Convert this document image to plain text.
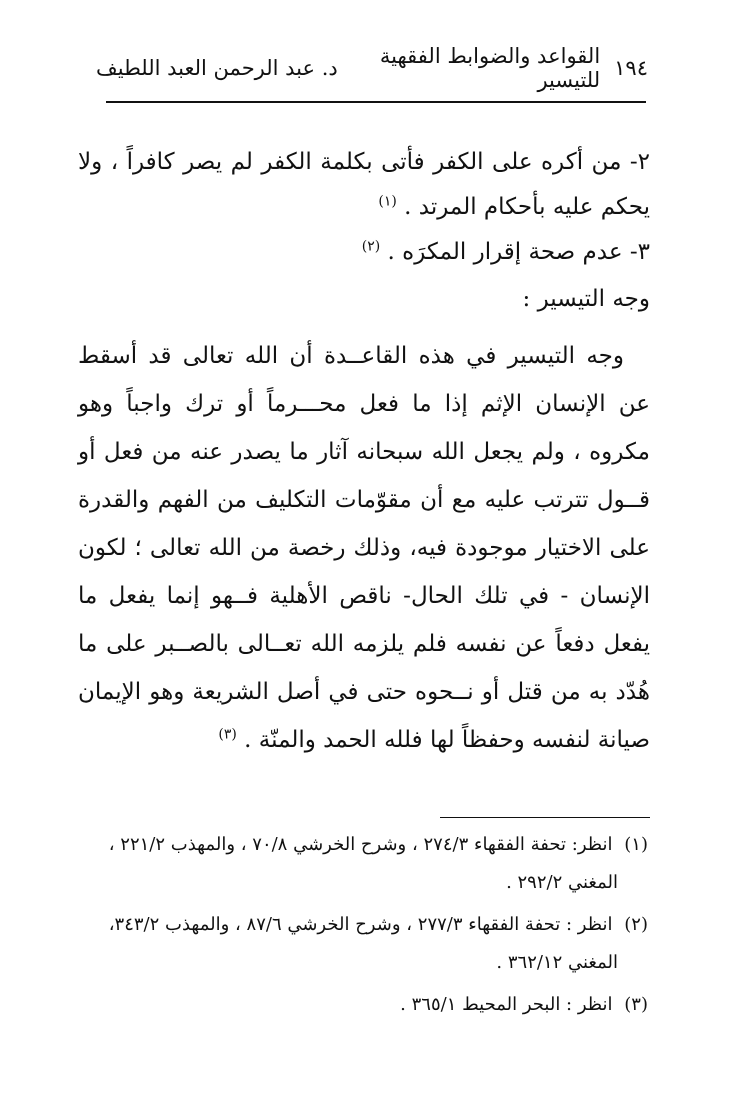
١٩٤
القواعد والضوابط الفقهية للتيسير
د. عبد الرحمن العبد اللطيف

٢- من أكره على الكفر فأتى بكلمة الكفر لم يصر كافراً ، ولا يحكم عليه بأحكام المرتد . $^{(١)}$

٣- عدم صحة إقرار المكرَه . $^{(٢)}$

وجه التيسير :

وجه التيسير في هذه القاعــدة أن الله تعالى قد أسقط عن الإنسان الإثم إذا ما فعل محـــرماً أو ترك واجباً وهو مكروه ، ولم يجعل الله سبحانه آثار ما يصدر عنه من فعل أو قــول تترتب عليه مع أن مقوّمات التكليف من الفهم والقدرة على الاختيار موجودة فيه، وذلك رخصة من الله تعالى ؛ لكون الإنسان - في تلك الحال- ناقص الأهلية فــهو إنما يفعل ما يفعل دفعاً عن نفسه فلم يلزمه الله تعــالى بالصــبر على ما هُدّد به من قتل أو نــحوه حتى في أصل الشريعة وهو الإيمان صيانة لنفسه وحفظاً لها فلله الحمد والمنّة . $^{(٣)}$

(١) انظر: تحفة الفقهاء ٢٧٤/٣ ، وشرح الخرشي ٧٠/٨ ، والمهذب ٢٢١/٢ ،
المغني ٢٩٢/٢ .

(٢) انظر : تحفة الفقهاء ٢٧٧/٣ ، وشرح الخرشي ٨٧/٦ ، والمهذب ٣٤٣/٢،
المغني ٣٦٢/١٢ .

(٣) انظر : البحر المحيط ٣٦٥/١ .
